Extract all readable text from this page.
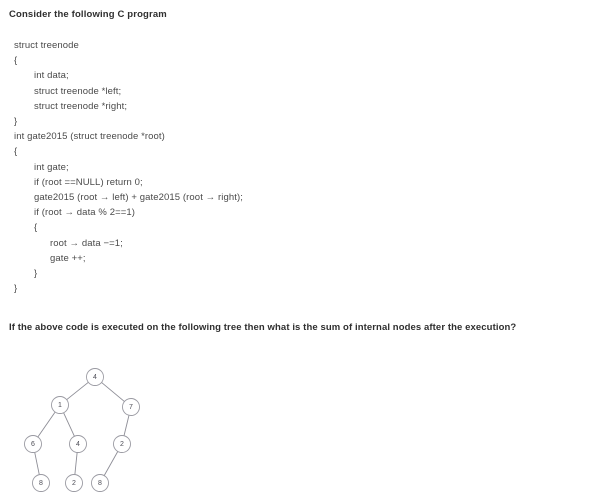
Consider the following C program
struct treenode
{
int data;
struct treenode *left;
struct treenode *right;
}
int gate2015 (struct treenode *root)
{
int gate;
if (root ==NULL) return 0;
gate2015 (root → left) + gate2015 (root → right);
if (root → data % 2==1)
{
root → data −=1;
gate ++;
}
}
If the above code is executed on the following tree then what is the sum of internal nodes after the execution?
4
1	7
6	4	2
8	2	8
